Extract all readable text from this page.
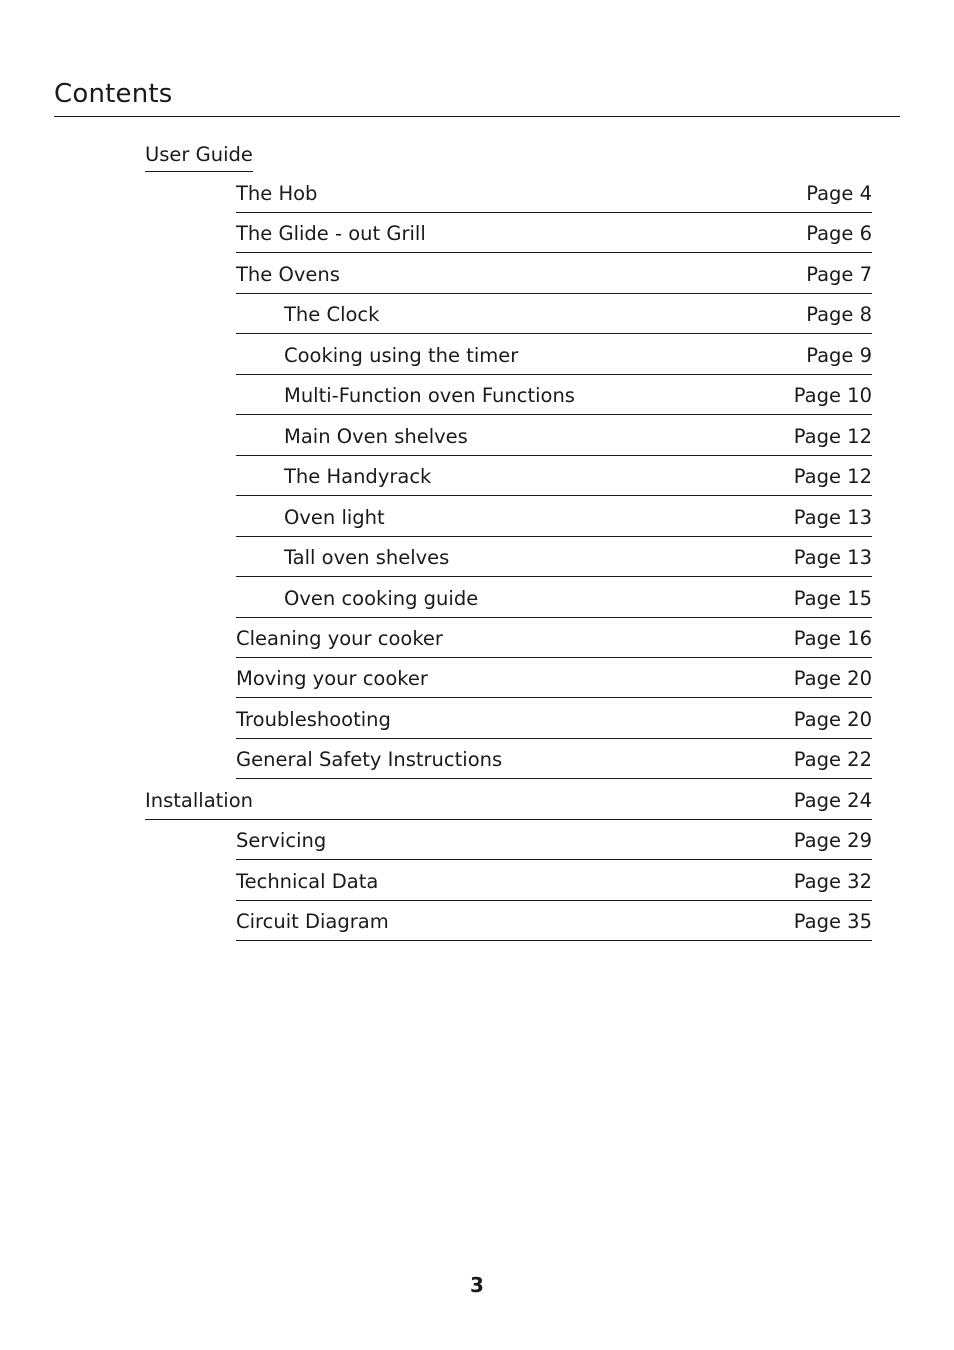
Contents
User Guide
The Hob	Page 4
The Glide - out Grill	Page 6
The Ovens	Page 7
The Clock	Page 8
Cooking using the timer	Page 9
Multi-Function oven Functions	Page 10
Main Oven shelves	Page 12
The Handyrack	Page 12
Oven light	Page 13
Tall oven shelves	Page 13
Oven cooking guide	Page 15
Cleaning your cooker	Page 16
Moving your cooker	Page 20
Troubleshooting	Page 20
General Safety Instructions	Page 22
Installation	Page 24
Servicing	Page 29
Technical Data	Page 32
Circuit Diagram	Page 35
3
